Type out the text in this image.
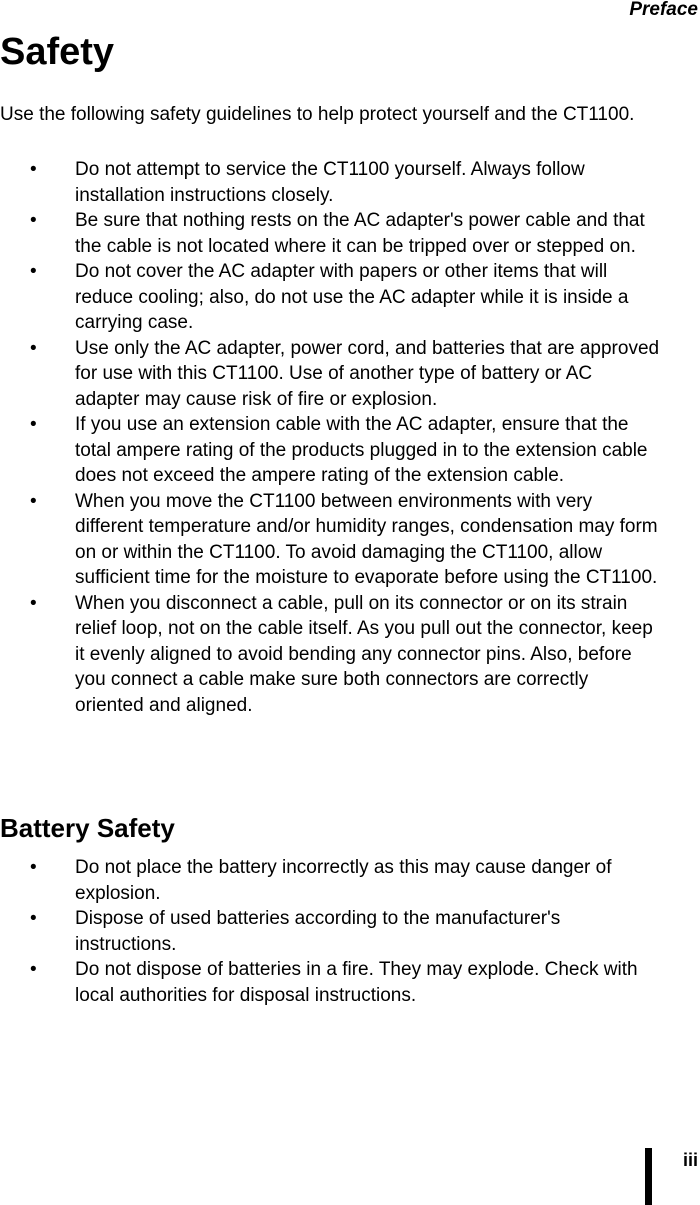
Preface
Safety

Use the following safety guidelines to help protect yourself and the CT1100.

• Do not attempt to service the CT1100 yourself. Always follow installation instructions closely.
• Be sure that nothing rests on the AC adapter's power cable and that the cable is not located where it can be tripped over or stepped on.
• Do not cover the AC adapter with papers or other items that will reduce cooling; also, do not use the AC adapter while it is inside a carrying case.
• Use only the AC adapter, power cord, and batteries that are approved for use with this CT1100. Use of another type of battery or AC adapter may cause risk of fire or explosion.
• If you use an extension cable with the AC adapter, ensure that the total ampere rating of the products plugged in to the extension cable does not exceed the ampere rating of the extension cable.
• When you move the CT1100 between environments with very different temperature and/or humidity ranges, condensation may form on or within the CT1100. To avoid damaging the CT1100, allow sufficient time for the moisture to evaporate before using the CT1100.
• When you disconnect a cable, pull on its connector or on its strain relief loop, not on the cable itself. As you pull out the connector, keep it evenly aligned to avoid bending any connector pins. Also, before you connect a cable make sure both connectors are correctly oriented and aligned.
Battery Safety
• Do not place the battery incorrectly as this may cause danger of explosion.
• Dispose of used batteries according to the manufacturer's instructions.
• Do not dispose of batteries in a fire. They may explode. Check with local authorities for disposal instructions.
iii
